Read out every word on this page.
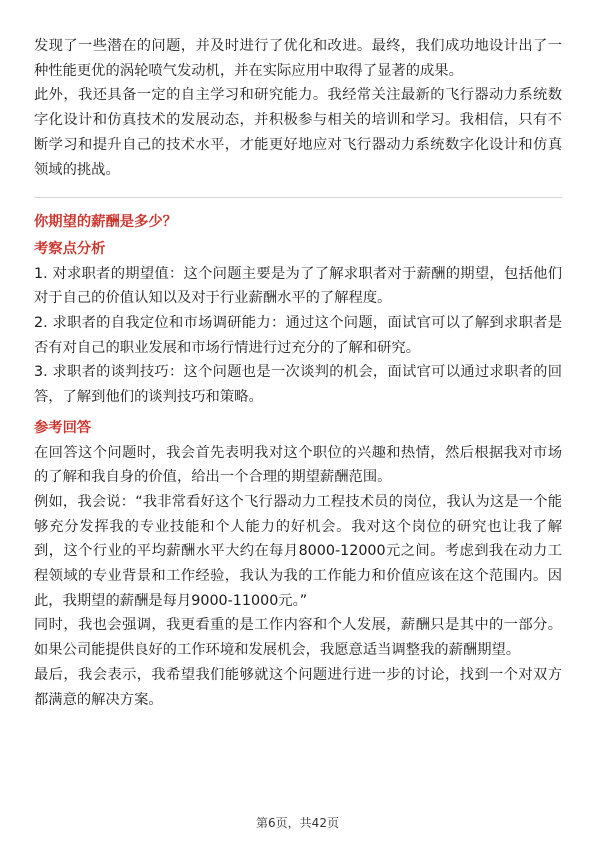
发现了一些潜在的问题，并及时进行了优化和改进。最终，我们成功地设计出了一种性能更优的涡轮喷气发动机，并在实际应用中取得了显著的成果。

此外，我还具备一定的自主学习和研究能力。我经常关注最新的飞行器动力系统数字化设计和仿真技术的发展动态，并积极参与相关的培训和学习。我相信，只有不断学习和提升自己的技术水平，才能更好地应对飞行器动力系统数字化设计和仿真领域的挑战。

你期望的薪酬是多少？

考察点分析

1. 对求职者的期望值：这个问题主要是为了了解求职者对于薪酬的期望，包括他们对于自己的价值认知以及对于行业薪酬水平的了解程度。

2. 求职者的自我定位和市场调研能力：通过这个问题，面试官可以了解到求职者是否有对自己的职业发展和市场行情进行过充分的了解和研究。

3. 求职者的谈判技巧：这个问题也是一次谈判的机会，面试官可以通过求职者的回答，了解到他们的谈判技巧和策略。

参考回答

在回答这个问题时，我会首先表明我对这个职位的兴趣和热情，然后根据我对市场的了解和我自身的价值，给出一个合理的期望薪酬范围。

例如，我会说：“我非常看好这个飞行器动力工程技术员的岗位，我认为这是一个能够充分发挥我的专业技能和个人能力的好机会。我对这个岗位的研究也让我了解到，这个行业的平均薪酬水平大约在每月8000-12000元之间。考虑到我在动力工程领域的专业背景和工作经验，我认为我的工作能力和价值应该在这个范围内。因此，我期望的薪酬是每月9000-11000元。”

同时，我也会强调，我更看重的是工作内容和个人发展，薪酬只是其中的一部分。如果公司能提供良好的工作环境和发展机会，我愿意适当调整我的薪酬期望。

最后，我会表示，我希望我们能够就这个问题进行进一步的讨论，找到一个对双方都满意的解决方案。

第6页，共42页
